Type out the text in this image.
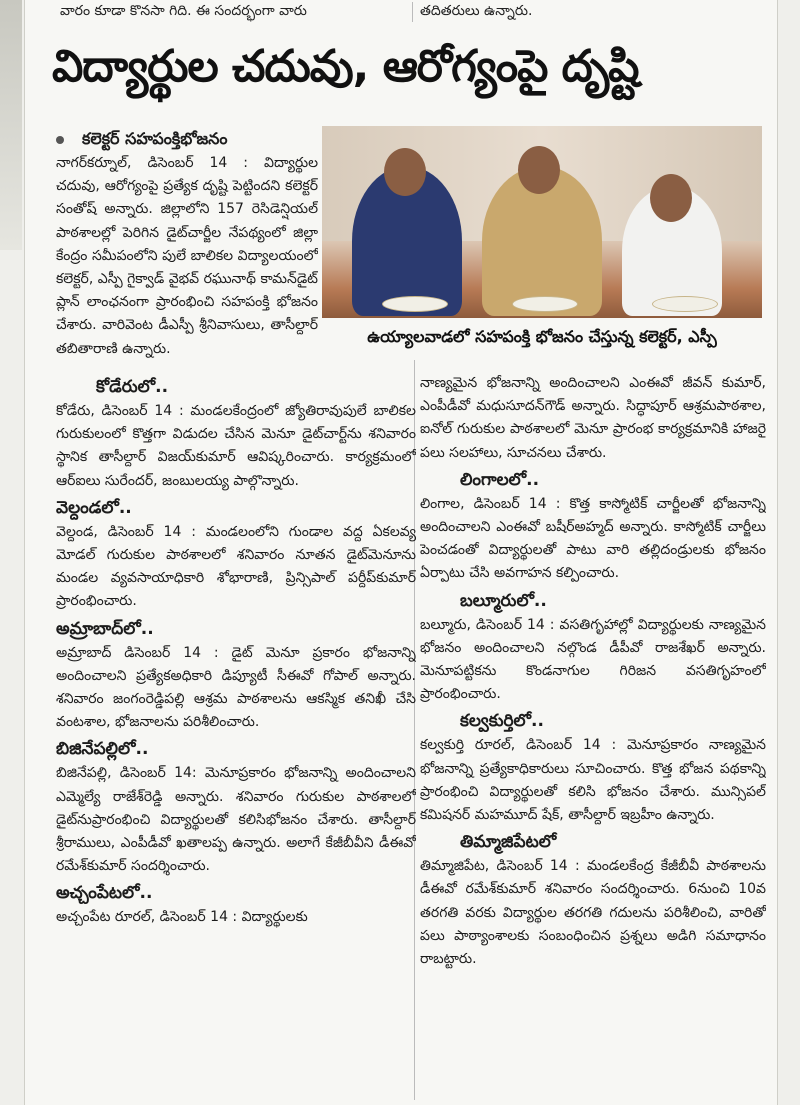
వారం కూడా కొనసా గిది. ఈ సందర్భంగా వారు	తదితరులు ఉన్నారు.
విద్యార్థుల చదువు, ఆరోగ్యంపై దృష్టి
ఉయ్యాలవాడలో సహపంక్తి భోజనం చేస్తున్న కలెక్టర్, ఎస్పీ
కలెక్టర్ సహపంక్తిభోజనం

నాగర్‌కర్నూల్, డిసెంబర్ 14 : విద్యార్థుల చదువు, ఆరోగ్యంపై ప్రత్యేక దృష్టి పెట్టిందని కలెక్టర్ సంతోష్ అన్నారు. జిల్లాలోని 157 రెసిడెన్షియల్ పాఠశాలల్లో పెరిగిన డైట్‌చార్జీల నేపథ్యంలో జిల్లా కేంద్రం సమీపంలోని పులే బాలికల విద్యాలయంలో కలెక్టర్, ఎస్పీ గైక్వాడ్ వైభవ్ రఘునాథ్ కామన్‌డైట్ ప్లాన్ లాంఛనంగా ప్రారంభించి సహపంక్తి భోజనం చేశారు. వారివెంట డీఎస్పీ శ్రీనివాసులు, తాసీల్దార్ తబితారాణి ఉన్నారు.

కోడేరులో..

కోడేరు, డిసెంబర్ 14 : మండలకేంద్రంలో జ్యోతిరావుపులే బాలికల గురుకులంలో కొత్తగా విడుదల చేసిన మెనూ డైట్‌చార్ట్‌ను శనివారం స్థానిక తాసీల్దార్ విజయ్‌కుమార్ ఆవిష్కరించారు. కార్యక్రమంలో ఆర్‌ఐలు సురేందర్, జంబులయ్య పాల్గొన్నారు.

వెల్దండలో..

వెల్దండ, డిసెంబర్ 14 : మండలంలోని గుండాల వద్ద ఏకలవ్య మోడల్ గురుకుల పాఠశాలలో శనివారం నూతన డైట్‌మెనూను మండల వ్యవసాయాధికారి శోభారాణి, ప్రిన్సిపాల్ పర్దీప్‌కుమార్ ప్రారంభించారు.

అమ్రాబాద్‌లో..

అమ్రాబాద్ డిసెంబర్ 14 : డైట్ మెనూ ప్రకారం భోజనాన్ని అందించాలని ప్రత్యేకఅధికారి డిప్యూటీ సీఈవో గోపాల్ అన్నారు. శనివారం జంగంరెడ్డిపల్లి ఆశ్రమ పాఠశాలను ఆకస్మిక తనిఖీ చేసి వంటశాల, భోజనాలను పరిశీలించారు.

బిజినేపల్లిలో..

బిజినేపల్లి, డిసెంబర్ 14: మెనూప్రకారం భోజనాన్ని అందించాలని ఎమ్మెల్యే రాజేశ్‌రెడ్డి అన్నారు. శనివారం గురుకుల పాఠశాలలో డైట్‌నుప్రారంభించి విద్యార్థులతో కలిసిభోజనం చేశారు. తాసీల్దార్ శ్రీరాములు, ఎంపీడీవో ఖతాలప్ప ఉన్నారు. అలాగే కేజీబీవీని డీఈవో రమేశ్‌కుమార్ సందర్శించారు.

అచ్చంపేటలో..

అచ్చంపేట రూరల్, డిసెంబర్ 14 : విద్యార్థులకు

నాణ్యమైన భోజనాన్ని అందించాలని ఎంఈవో జీవన్ కుమార్, ఎంపీడీవో మధుసూదన్‌గౌడ్ అన్నారు. సిద్ధాపూర్ ఆశ్రమపాఠశాల, ఐనోల్ గురుకుల పాఠశాలలో మెనూ ప్రారంభ కార్యక్రమానికి హాజరై పలు సలహాలు, సూచనలు చేశారు.

లింగాలలో..

లింగాల, డిసెంబర్ 14 : కొత్త కాస్మోటిక్ చార్జీలతో భోజనాన్ని అందించాలని ఎంఈవో బషీర్‌అహ్మద్ అన్నారు. కాస్మోటిక్ చార్జీలు పెంచడంతో విద్యార్థులతో పాటు వారి తల్లిదండ్రులకు భోజనం ఏర్పాటు చేసి అవగాహన కల్పించారు.

బల్మూరులో..

బల్మూరు, డిసెంబర్ 14 : వసతిగృహాల్లో విద్యార్థులకు నాణ్యమైన భోజనం అందించాలని నల్గొండ డీపీవో రాజశేఖర్ అన్నారు. మెనూపట్టికను కొండనాగుల గిరిజన వసతిగృహంలో ప్రారంభించారు.

కల్వకుర్తిలో..

కల్వకుర్తి రూరల్, డిసెంబర్ 14 : మెనూప్రకారం నాణ్యమైన భోజనాన్ని ప్రత్యేకాధికారులు సూచించారు. కొత్త భోజన పథకాన్ని ప్రారంభించి విద్యార్థులతో కలిసి భోజనం చేశారు. మున్సిపల్ కమిషనర్ మహమూద్ షేక్, తాసీల్దార్ ఇబ్రహీం ఉన్నారు.

తిమ్మాజిపేటలో

తిమ్మాజిపేట, డిసెంబర్ 14 : మండలకేంద్ర కేజీబీవీ పాఠశాలను డీఈవో రమేశ్‌కుమార్ శనివారం సందర్శించారు. 6నుంచి 10వ తరగతి వరకు విద్యార్థుల తరగతి గదులను పరిశీలించి, వారితో పలు పాఠ్యాంశాలకు సంబంధించిన ప్రశ్నలు అడిగి సమాధానం రాబట్టారు.
